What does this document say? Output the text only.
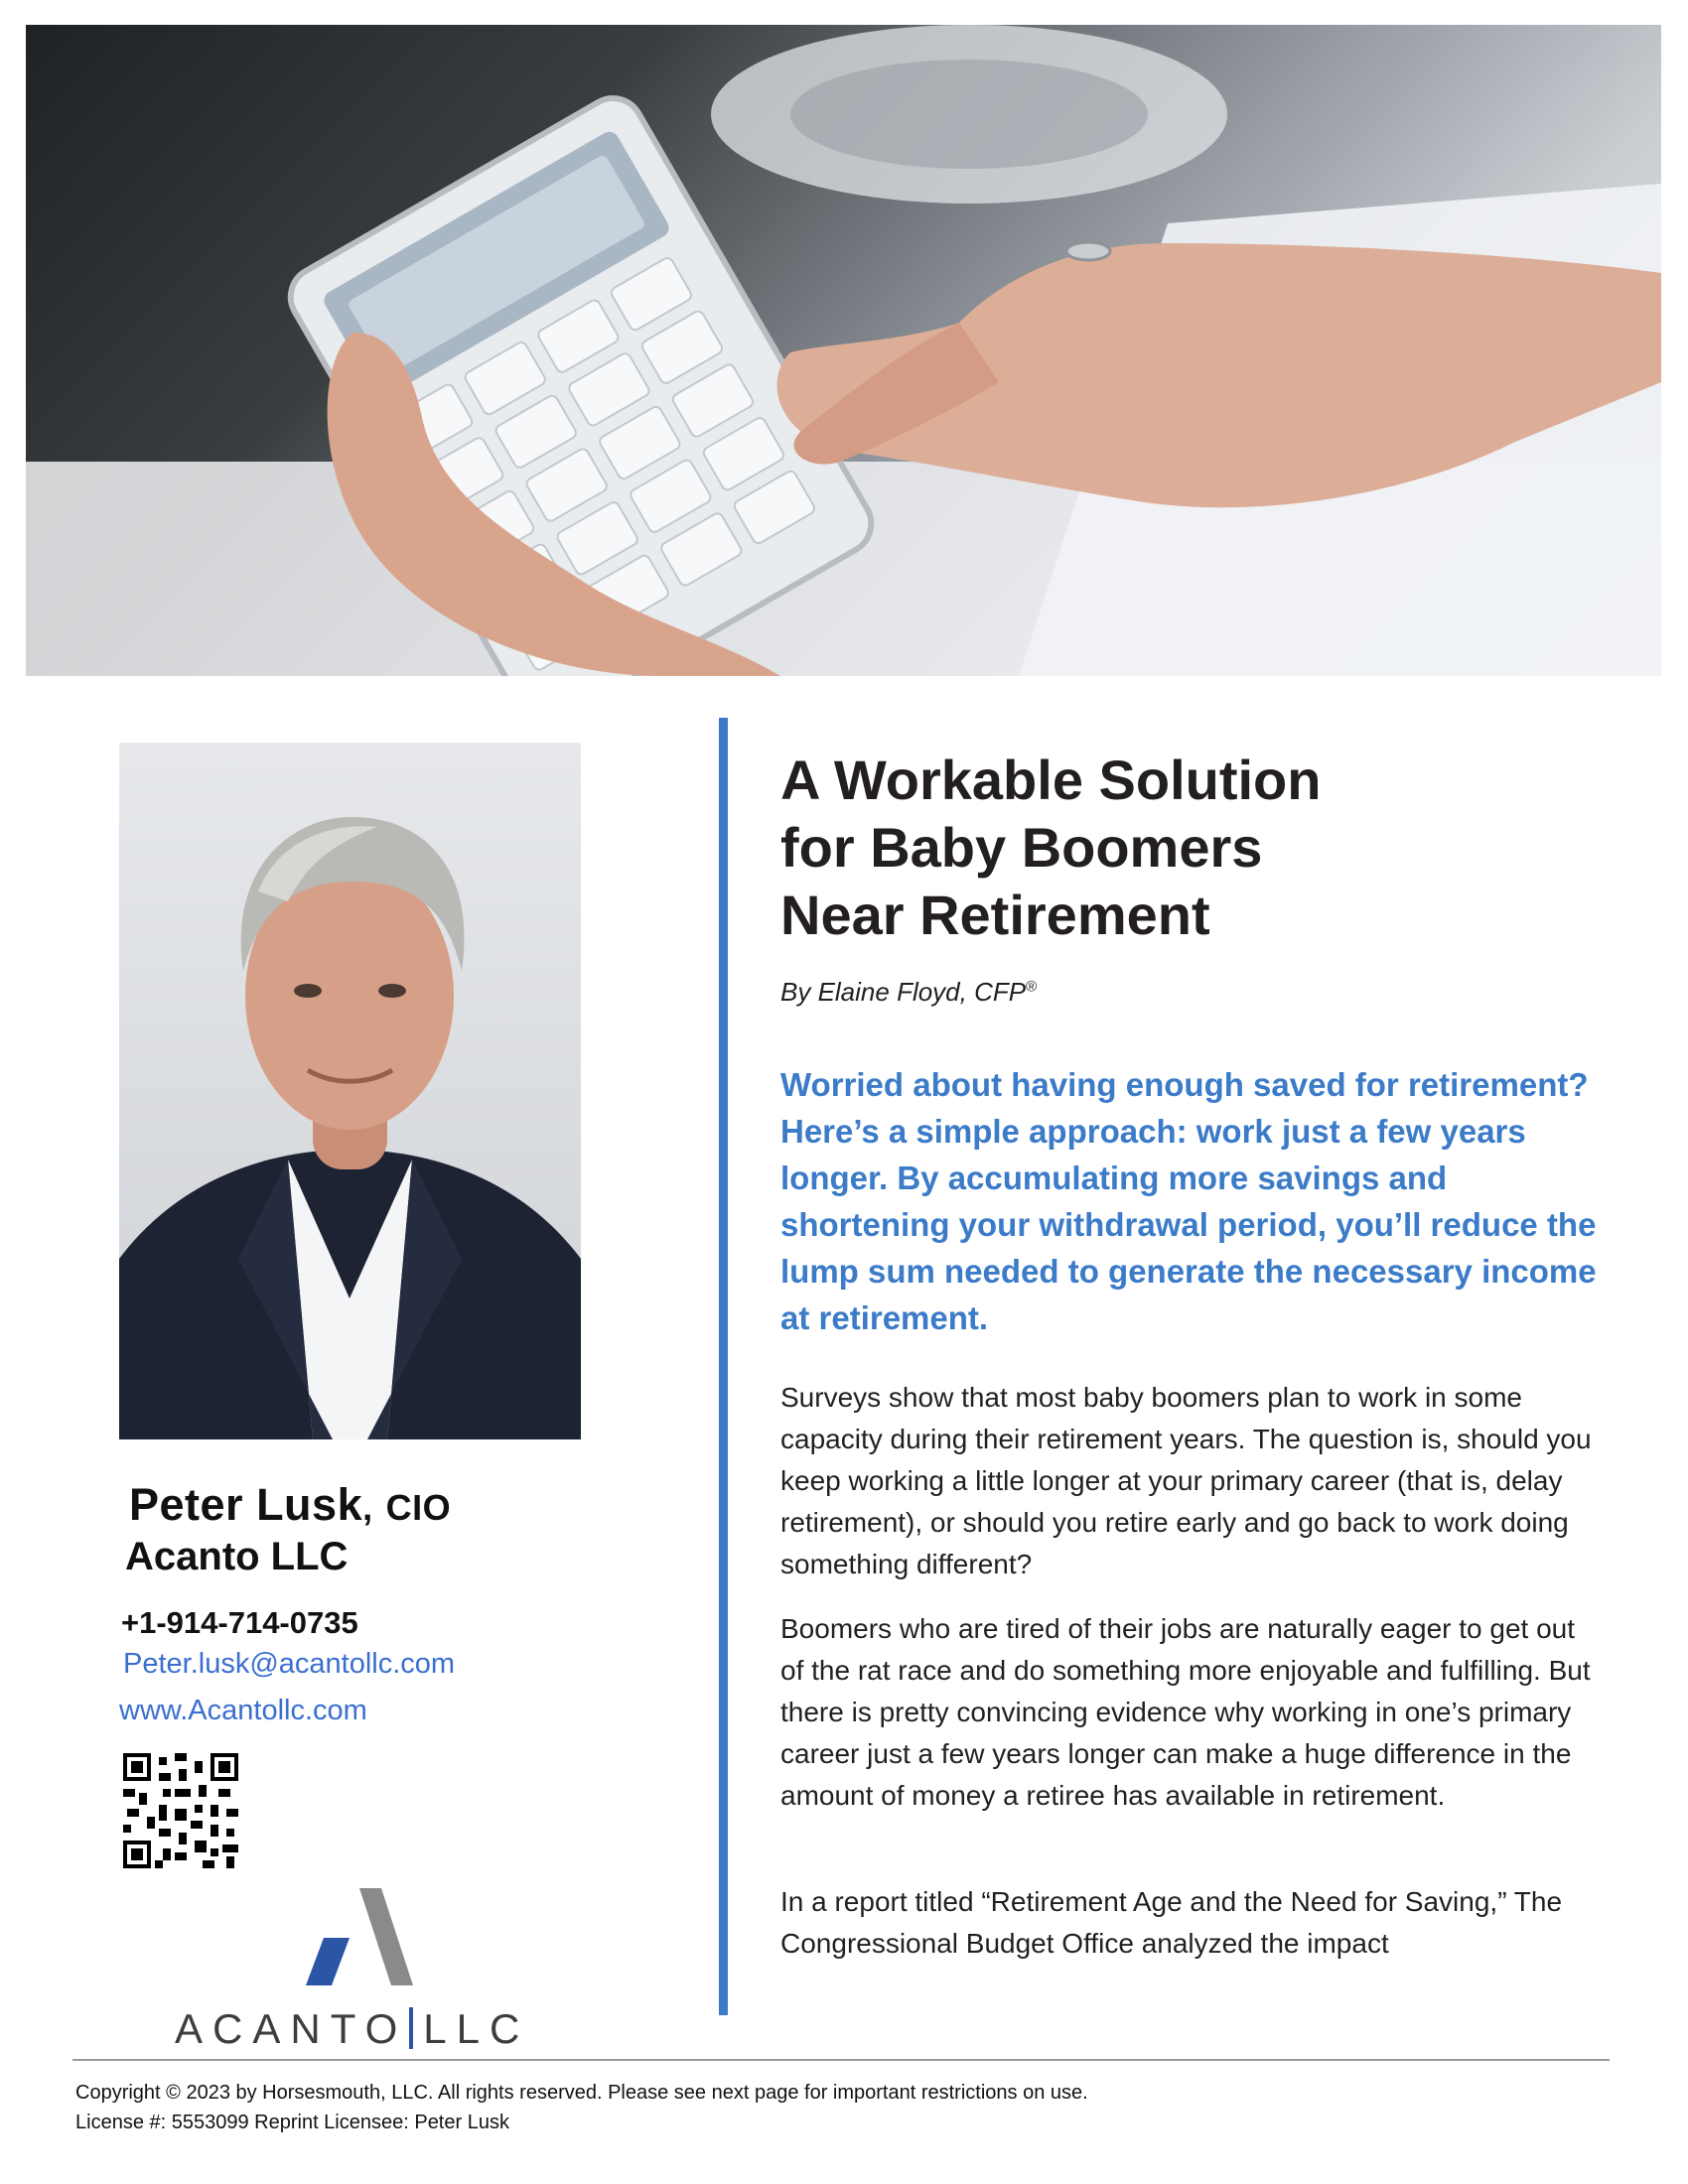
Peter Lusk, CIO
Acanto LLC
+1-914-714-0735
Peter.lusk@acantollc.com
www.Acantollc.com
ACANTO LLC
A Workable Solution
for Baby Boomers
Near Retirement
By Elaine Floyd, CFP®

Worried about having enough saved for retirement? Here’s a simple approach: work just a few years longer. By accumulating more savings and shortening your withdrawal period, you’ll reduce the lump sum needed to generate the necessary income at retirement.

Surveys show that most baby boomers plan to work in some capacity during their retirement years. The question is, should you keep working a little longer at your primary career (that is, delay retirement), or should you retire early and go back to work doing something different?

Boomers who are tired of their jobs are naturally eager to get out of the rat race and do something more enjoyable and fulfilling. But there is pretty convincing evidence why working in one’s primary career just a few years longer can make a huge difference in the amount of money a retiree has available in retirement.

In a report titled “Retirement Age and the Need for Saving,” The Congressional Budget Office analyzed the impact

Copyright © 2023 by Horsesmouth, LLC. All rights reserved. Please see next page for important restrictions on use.
License #: 5553099 Reprint Licensee: Peter Lusk
